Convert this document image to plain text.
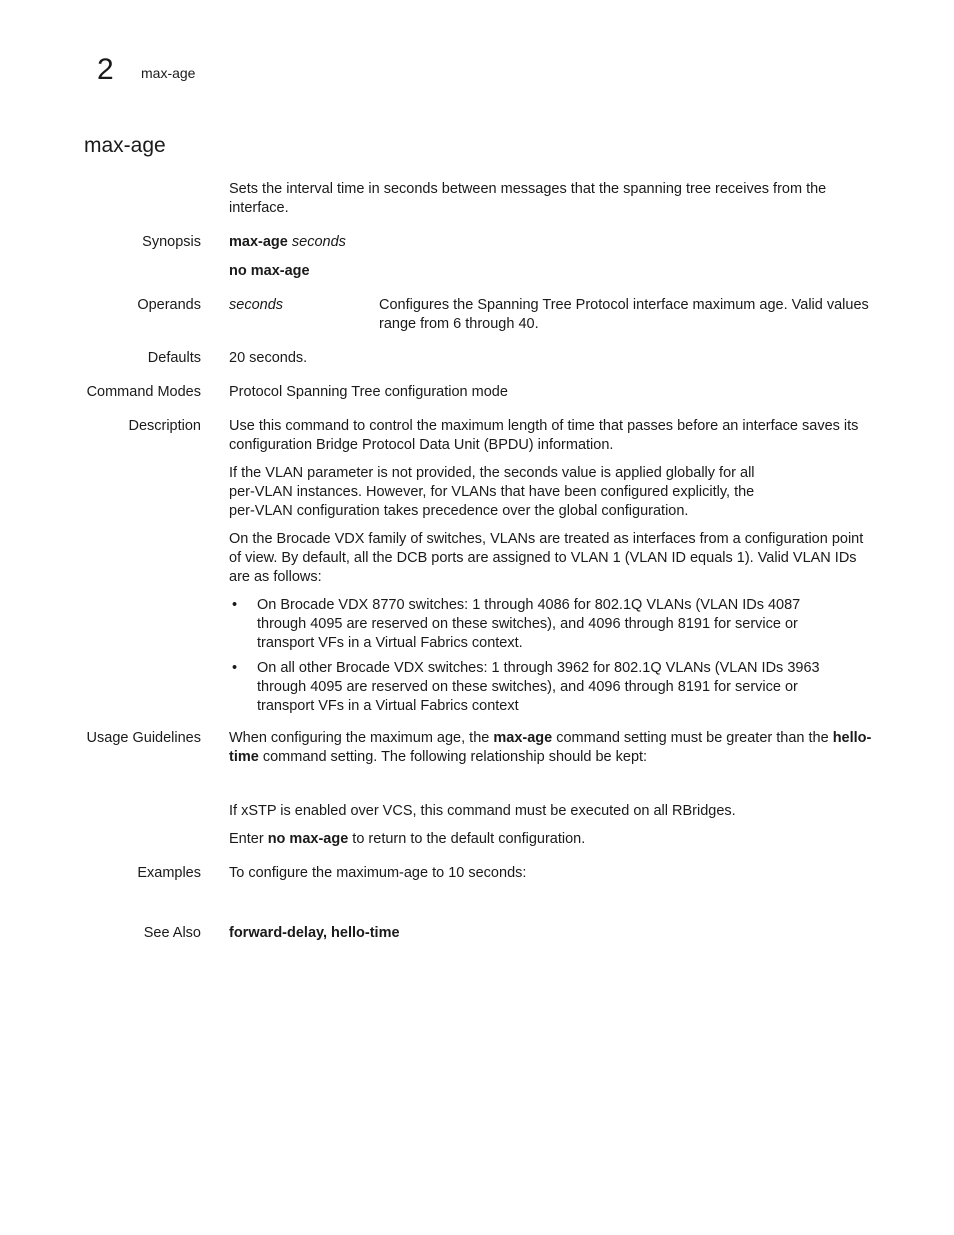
2 max-age
max-age
Sets the interval time in seconds between messages that the spanning tree receives from the interface.
Synopsis max-age seconds

no max-age

Operands seconds	Configures the Spanning Tree Protocol interface maximum age. Valid values range from 6 through 40.
Defaults 20 seconds.
Command Modes Protocol Spanning Tree configuration mode
Description Use this command to control the maximum length of time that passes before an interface saves its configuration Bridge Protocol Data Unit (BPDU) information.

If the VLAN parameter is not provided, the seconds value is applied globally for all per-VLAN instances. However, for VLANs that have been configured explicitly, the per-VLAN configuration takes precedence over the global configuration.

On the Brocade VDX family of switches, VLANs are treated as interfaces from a configuration point of view. By default, all the DCB ports are assigned to VLAN 1 (VLAN ID equals 1). Valid VLAN IDs are as follows:

• On Brocade VDX 8770 switches: 1 through 4086 for 802.1Q VLANs (VLAN IDs 4087 through 4095 are reserved on these switches), and 4096 through 8191 for service or transport VFs in a Virtual Fabrics context.
• On all other Brocade VDX switches: 1 through 3962 for 802.1Q VLANs (VLAN IDs 3963 through 4095 are reserved on these switches), and 4096 through 8191 for service or transport VFs in a Virtual Fabrics context
Usage Guidelines When configuring the maximum age, the max-age command setting must be greater than the hello-time command setting. The following relationship should be kept:

If xSTP is enabled over VCS, this command must be executed on all RBridges.

Enter no max-age to return to the default configuration.

Examples To configure the maximum-age to 10 seconds:
See Also forward-delay, hello-time
